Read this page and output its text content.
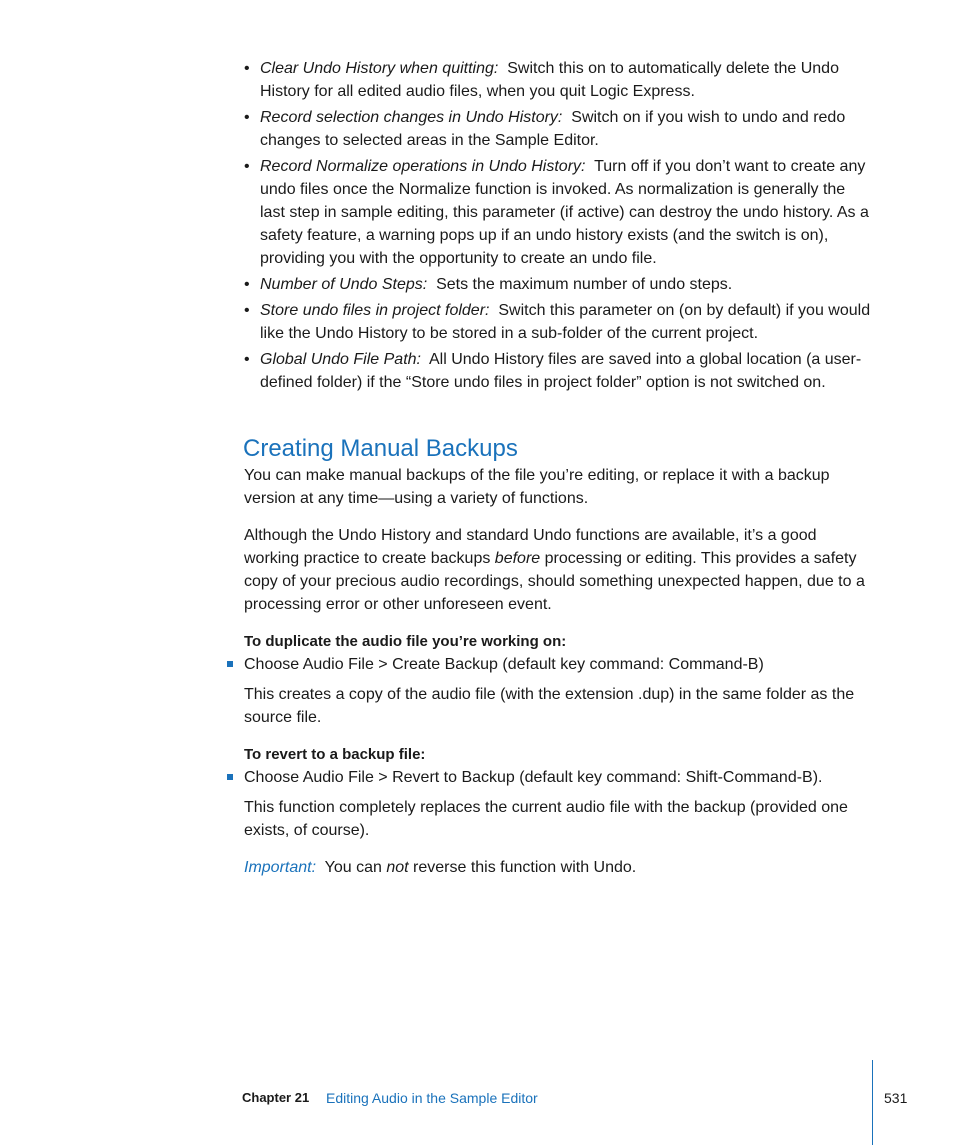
• Clear Undo History when quitting: Switch this on to automatically delete the Undo History for all edited audio files, when you quit Logic Express.
• Record selection changes in Undo History: Switch on if you wish to undo and redo changes to selected areas in the Sample Editor.
• Record Normalize operations in Undo History: Turn off if you don’t want to create any undo files once the Normalize function is invoked. As normalization is generally the last step in sample editing, this parameter (if active) can destroy the undo history. As a safety feature, a warning pops up if an undo history exists (and the switch is on), providing you with the opportunity to create an undo file.
• Number of Undo Steps: Sets the maximum number of undo steps.
• Store undo files in project folder: Switch this parameter on (on by default) if you would like the Undo History to be stored in a sub-folder of the current project.
• Global Undo File Path: All Undo History files are saved into a global location (a user-defined folder) if the “Store undo files in project folder” option is not switched on.
Creating Manual Backups

You can make manual backups of the file you’re editing, or replace it with a backup version at any time—using a variety of functions.

Although the Undo History and standard Undo functions are available, it’s a good working practice to create backups before processing or editing. This provides a safety copy of your precious audio recordings, should something unexpected happen, due to a processing error or other unforeseen event.

To duplicate the audio file you’re working on:

Choose Audio File > Create Backup (default key command: Command-B)

This creates a copy of the audio file (with the extension .dup) in the same folder as the source file.

To revert to a backup file:

Choose Audio File > Revert to Backup (default key command: Shift-Command-B).

This function completely replaces the current audio file with the backup (provided one exists, of course).

Important: You can not reverse this function with Undo.

Chapter 21 Editing Audio in the Sample Editor	531
